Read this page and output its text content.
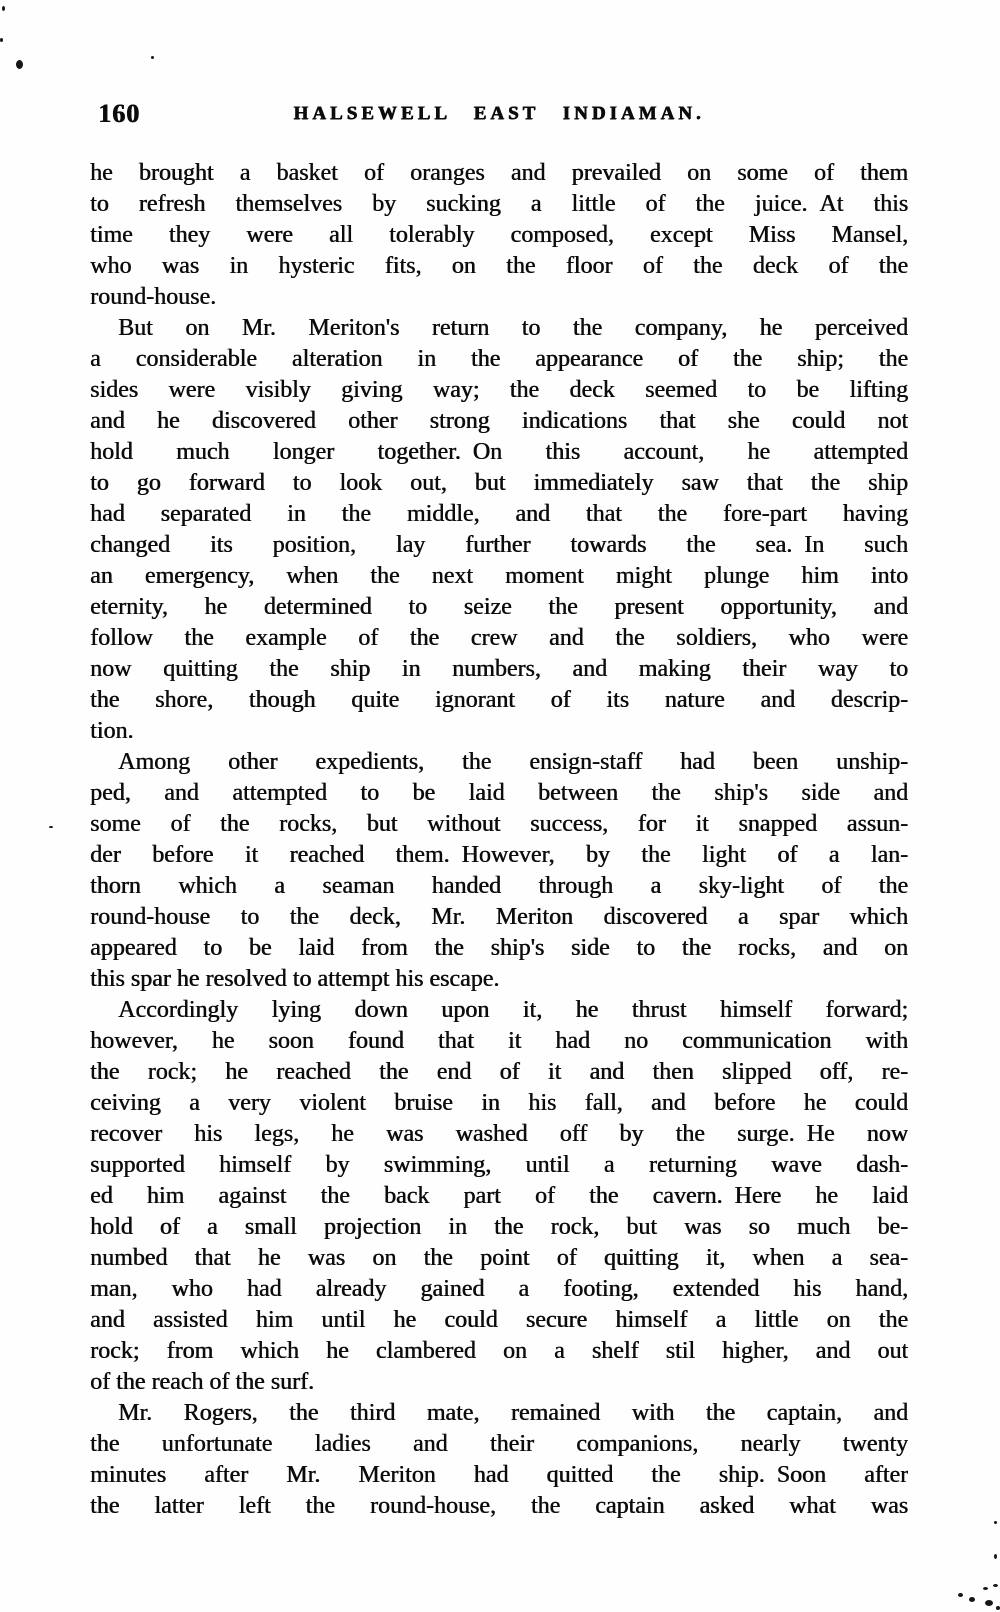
160	HALSEWELL EAST INDIAMAN.
he brought a basket of oranges and prevailed on some of them
to refresh themselves by sucking a little of the juice. At this
time they were all tolerably composed, except Miss Mansel,
who was in hysteric fits, on the floor of the deck of the
round-house.
But on Mr. Meriton's return to the company, he perceived
a considerable alteration in the appearance of the ship; the
sides were visibly giving way; the deck seemed to be lifting
and he discovered other strong indications that she could not
hold much longer together. On this account, he attempted
to go forward to look out, but immediately saw that the ship
had separated in the middle, and that the fore-part having
changed its position, lay further towards the sea. In such
an emergency, when the next moment might plunge him into
eternity, he determined to seize the present opportunity, and
follow the example of the crew and the soldiers, who were
now quitting the ship in numbers, and making their way to
the shore, though quite ignorant of its nature and descrip-
tion.
Among other expedients, the ensign-staff had been unship-
ped, and attempted to be laid between the ship's side and
some of the rocks, but without success, for it snapped assun-
der before it reached them. However, by the light of a lan-
thorn which a seaman handed through a sky-light of the
round-house to the deck, Mr. Meriton discovered a spar which
appeared to be laid from the ship's side to the rocks, and on
this spar he resolved to attempt his escape.
Accordingly lying down upon it, he thrust himself forward;
however, he soon found that it had no communication with
the rock; he reached the end of it and then slipped off, re-
ceiving a very violent bruise in his fall, and before he could
recover his legs, he was washed off by the surge. He now
supported himself by swimming, until a returning wave dash-
ed him against the back part of the cavern. Here he laid
hold of a small projection in the rock, but was so much be-
numbed that he was on the point of quitting it, when a sea-
man, who had already gained a footing, extended his hand,
and assisted him until he could secure himself a little on the
rock; from which he clambered on a shelf stil higher, and out
of the reach of the surf.
Mr. Rogers, the third mate, remained with the captain, and
the unfortunate ladies and their companions, nearly twenty
minutes after Mr. Meriton had quitted the ship. Soon after
the latter left the round-house, the captain asked what was
